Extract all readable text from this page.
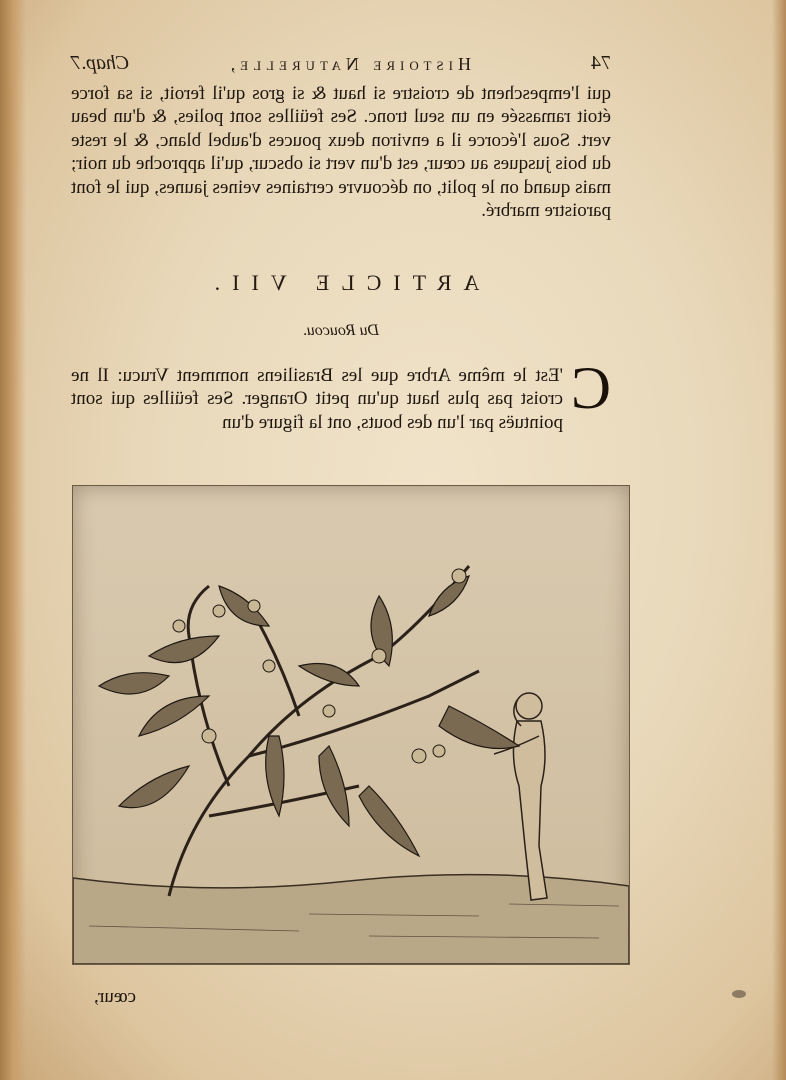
74
Histoire Naturelle,
Chap.7
qui l'empeschent de croistre si haut & si gros qu'il feroit, si sa force étoit ramassée en un seul tronc. Ses feüilles sont polies, & d'un beau vert. Sous l'écorce il a environ deux pouces d'aubel blanc, & le reste du bois jusques au cœur, est d'un vert si obscur, qu'il approche du noir; mais quand on le polit, on découvre certaines veines jaunes, qui le font paroistre marbré.
ARTICLE VII.
Du Roucou.
C
'Est le même Arbre que les Brasiliens nomment Vrucu: Il ne croist pas plus haut qu'un petit Oranger. Ses feüilles qui sont pointuës par l'un des bouts, ont la figure d'un
cœur,
